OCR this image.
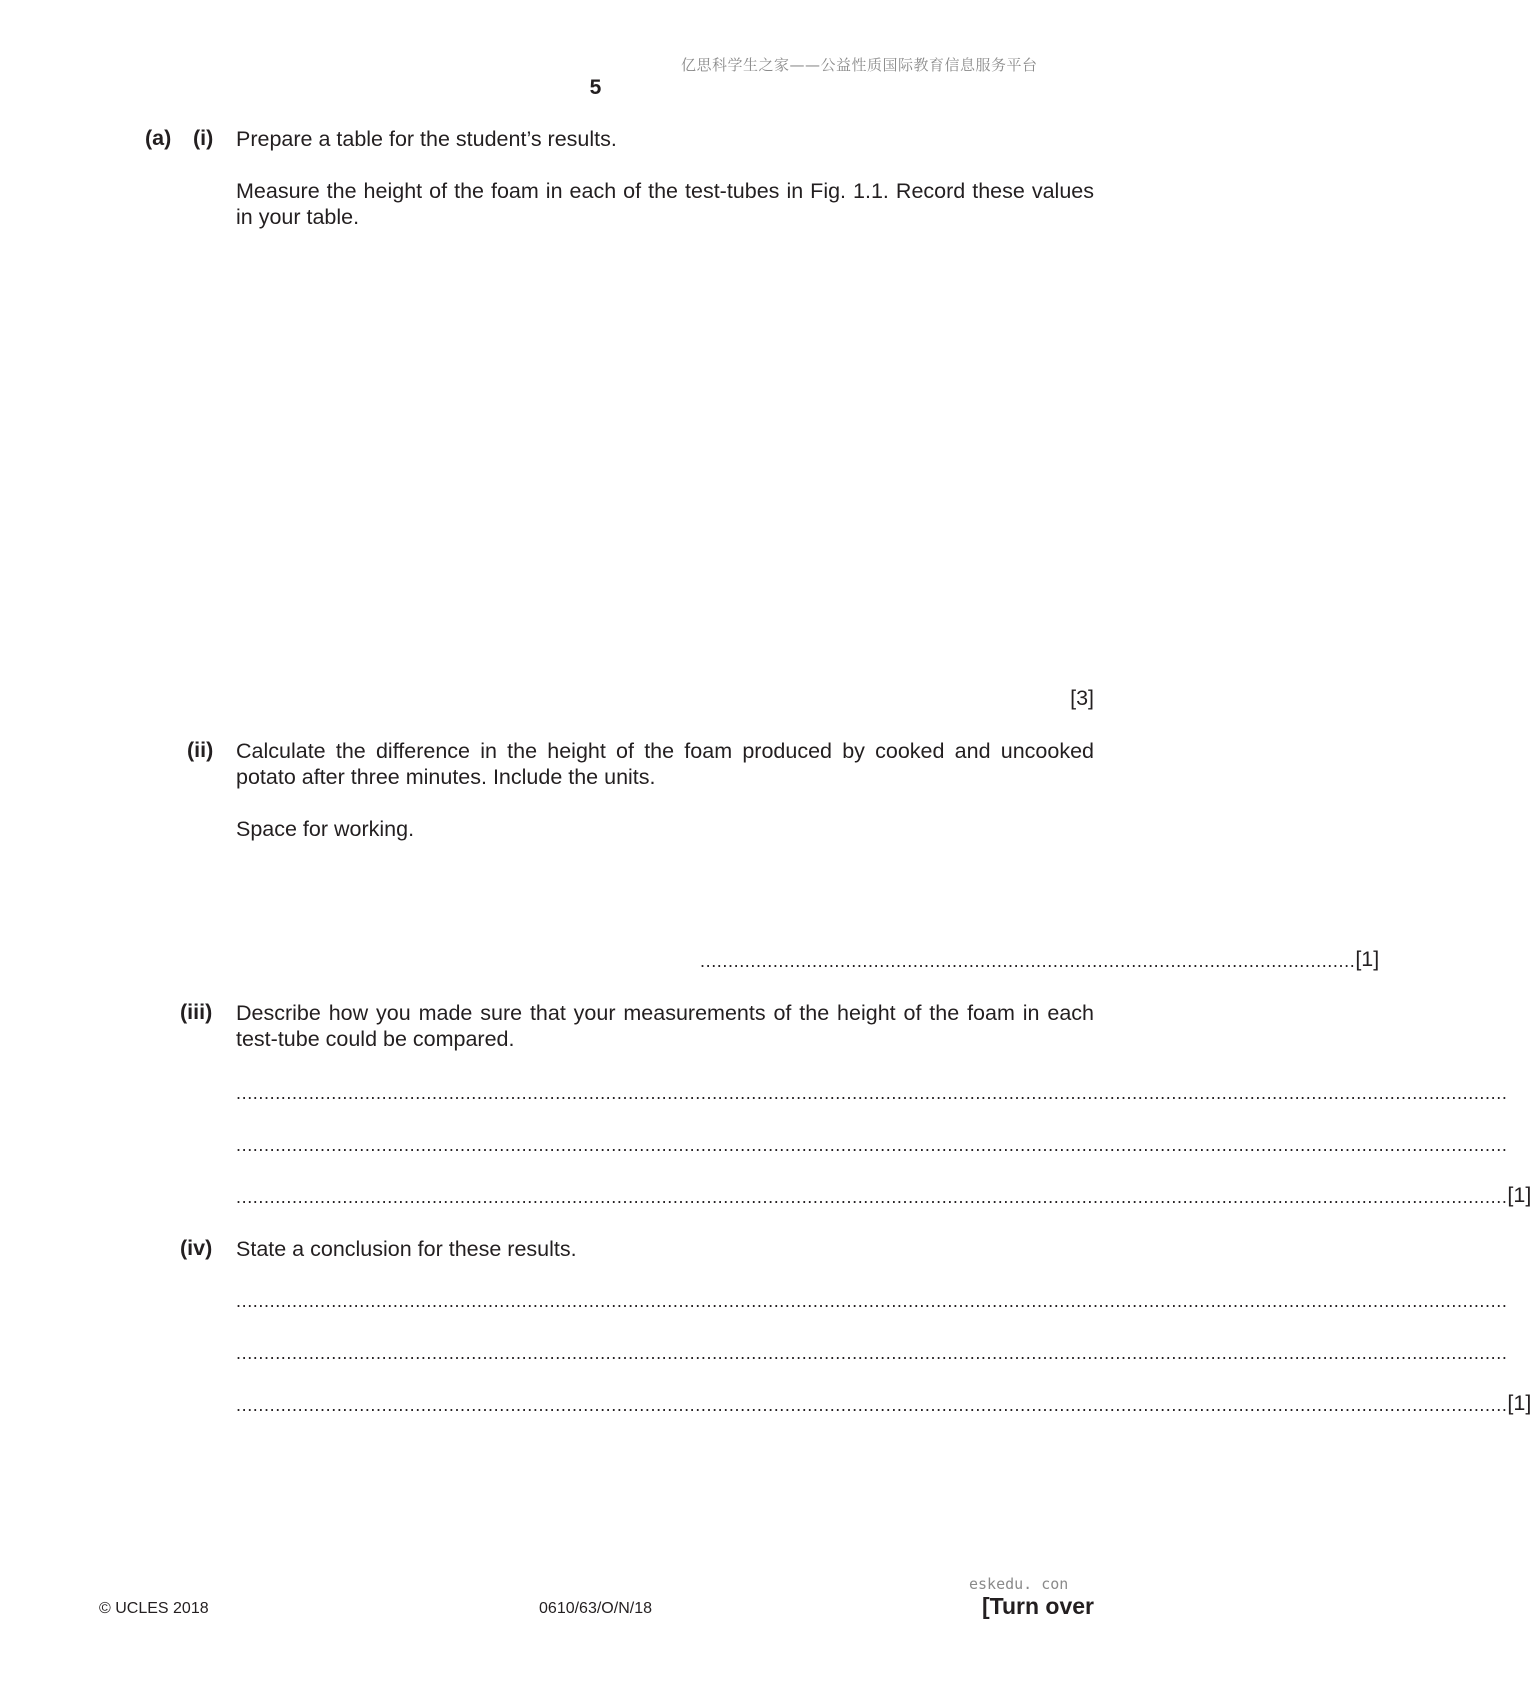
亿思科学生之家——公益性质国际教育信息服务平台
5
(a) (i) Prepare a table for the student’s results.
Measure the height of the foam in each of the test-tubes in Fig. 1.1. Record these values in your table.
[3]
(ii) Calculate the difference in the height of the foam produced by cooked and uncooked potato after three minutes. Include the units.
Space for working.
..................................................................................................................... [1]
(iii) Describe how you made sure that your measurements of the height of the foam in each test-tube could be compared.
...................................................................................................................................................................................................................................
...................................................................................................................................................................................................................................
................................................................................................................................................................................................................................... [1]
(iv) State a conclusion for these results.
...................................................................................................................................................................................................................................
...................................................................................................................................................................................................................................
................................................................................................................................................................................................................................... [1]
eskedu. con
© UCLES 2018	0610/63/O/N/18	[Turn over
